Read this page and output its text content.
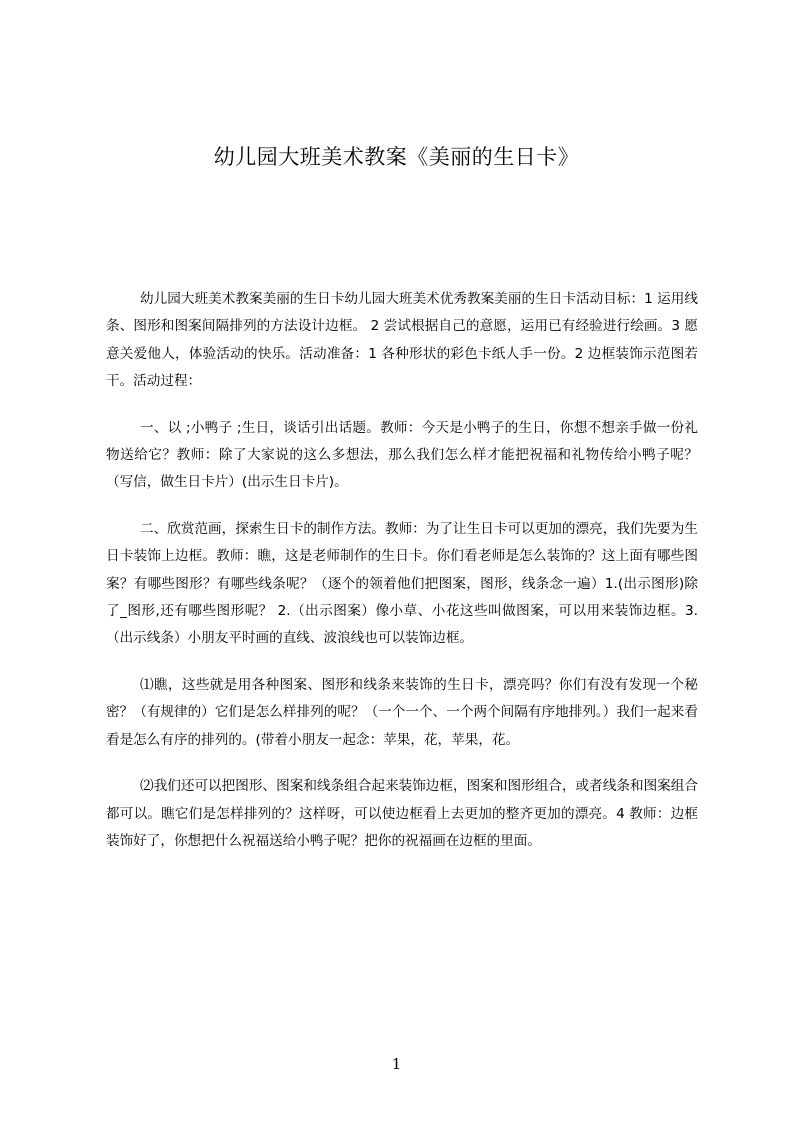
幼儿园大班美术教案《美丽的生日卡》

幼儿园大班美术教案美丽的生日卡幼儿园大班美术优秀教案美丽的生日卡活动目标：1 运用线条、图形和图案间隔排列的方法设计边框。 2 尝试根据自己的意愿，运用已有经验进行绘画。3 愿意关爱他人，体验活动的快乐。活动准备：1 各种形状的彩色卡纸人手一份。2 边框装饰示范图若干。活动过程：

一、以 ;小鸭子 ;生日，谈话引出话题。教师：今天是小鸭子的生日，你想不想亲手做一份礼物送给它？教师：除了大家说的这么多想法，那么我们怎么样才能把祝福和礼物传给小鸭子呢？（写信，做生日卡片）(出示生日卡片)。

二、欣赏范画，探索生日卡的制作方法。教师：为了让生日卡可以更加的漂亮，我们先要为生日卡装饰上边框。教师：瞧，这是老师制作的生日卡。你们看老师是怎么装饰的？这上面有哪些图案？有哪些图形？有哪些线条呢？（逐个的领着他们把图案，图形，线条念一遍）1.(出示图形)除了_图形,还有哪些图形呢？ 2.（出示图案）像小草、小花这些叫做图案，可以用来装饰边框。3.（出示线条）小朋友平时画的直线、波浪线也可以装饰边框。

⑴瞧，这些就是用各种图案、图形和线条来装饰的生日卡，漂亮吗？你们有没有发现一个秘密？（有规律的）它们是怎么样排列的呢？（一个一个、一个两个间隔有序地排列。）我们一起来看看是怎么有序的排列的。(带着小朋友一起念：苹果，花，苹果，花。

⑵我们还可以把图形、图案和线条组合起来装饰边框，图案和图形组合，或者线条和图案组合都可以。瞧它们是怎样排列的？这样呀，可以使边框看上去更加的整齐更加的漂亮。4 教师：边框装饰好了，你想把什么祝福送给小鸭子呢？把你的祝福画在边框的里面。

1
